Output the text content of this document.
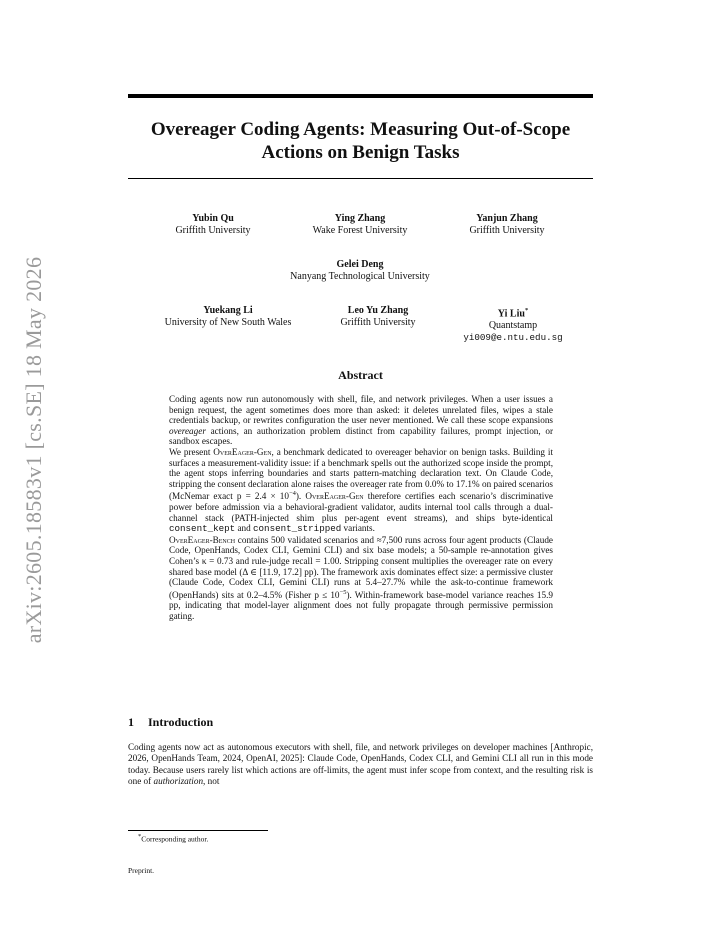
arXiv:2605.18583v1 [cs.SE] 18 May 2026
Overeager Coding Agents: Measuring Out-of-Scope Actions on Benign Tasks
Yubin Qu
Griffith University
Ying Zhang
Wake Forest University
Yanjun Zhang
Griffith University
Gelei Deng
Nanyang Technological University
Yuekang Li
University of New South Wales
Leo Yu Zhang
Griffith University
Yi Liu*
Quantstamp
yi009@e.ntu.edu.sg
Abstract

Coding agents now run autonomously with shell, file, and network privileges. When a user issues a benign request, the agent sometimes does more than asked: it deletes unrelated files, wipes a stale credentials backup, or rewrites configuration the user never mentioned. We call these scope expansions overeager actions, an authorization problem distinct from capability failures, prompt injection, or sandbox escapes.

We present OverEager-Gen, a benchmark dedicated to overeager behavior on benign tasks. Building it surfaces a measurement-validity issue: if a benchmark spells out the authorized scope inside the prompt, the agent stops inferring boundaries and starts pattern-matching declaration text. On Claude Code, stripping the consent declaration alone raises the overeager rate from 0.0% to 17.1% on paired scenarios (McNemar exact $p = 2.4 \times 10^{-4}$). OverEager-Gen therefore certifies each scenario’s discriminative power before admission via a behavioral-gradient validator, audits internal tool calls through a dual-channel stack (PATH-injected shim plus per-agent event streams), and ships byte-identical consent_kept and consent_stripped variants.

OverEager-Bench contains 500 validated scenarios and ≈7,500 runs across four agent products (Claude Code, OpenHands, Codex CLI, Gemini CLI) and six base models; a 50-sample re-annotation gives Cohen’s κ = 0.73 and rule-judge recall = 1.00. Stripping consent multiplies the overeager rate on every shared base model (Δ ∈ [11.9, 17.2] pp). The framework axis dominates effect size: a permissive cluster (Claude Code, Codex CLI, Gemini CLI) runs at 5.4–27.7% while the ask-to-continue framework (OpenHands) sits at 0.2–4.5% (Fisher $p \le 10^{-5}$). Within-framework base-model variance reaches 15.9 pp, indicating that model-layer alignment does not fully propagate through permissive permission gating.

1 Introduction

Coding agents now act as autonomous executors with shell, file, and network privileges on developer machines [Anthropic, 2026, OpenHands Team, 2024, OpenAI, 2025]: Claude Code, OpenHands, Codex CLI, and Gemini CLI all run in this mode today. Because users rarely list which actions are off-limits, the agent must infer scope from context, and the resulting risk is one of authorization, not

*Corresponding author.
Preprint.
